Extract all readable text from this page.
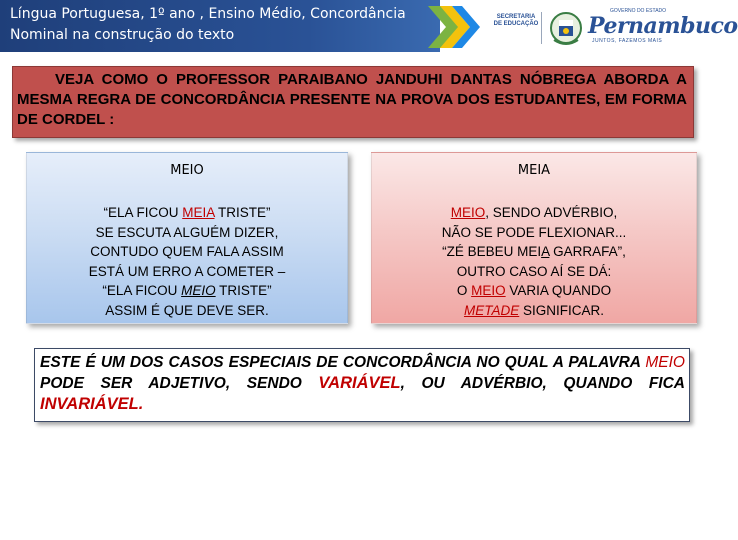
Língua Portuguesa, 1º ano , Ensino Médio, Concordância
Nominal na construção do texto
SECRETARIA DE EDUCAÇÃO
GOVERNO DO ESTADO
Pernambuco
JUNTOS, FAZEMOS MAIS
VEJA COMO O PROFESSOR PARAIBANO JANDUHI DANTAS NÓBREGA ABORDA A MESMA REGRA DE CONCORDÂNCIA PRESENTE NA PROVA DOS ESTUDANTES, EM FORMA DE CORDEL :
MEIO
“ELA FICOU MEIA TRISTE”
SE ESCUTA ALGUÉM DIZER,
CONTUDO QUEM FALA ASSIM
ESTÁ UM ERRO A COMETER –
“ELA FICOU MEIO TRISTE”
ASSIM É QUE DEVE SER.
MEIA
MEIO, SENDO ADVÉRBIO,
NÃO SE PODE FLEXIONAR...
“ZÉ BEBEU MEIA GARRAFA”,
OUTRO CASO AÍ SE DÁ:
O MEIO VARIA QUANDO
METADE SIGNIFICAR.
ESTE É UM DOS CASOS ESPECIAIS DE CONCORDÂNCIA NO QUAL A PALAVRA MEIO PODE SER ADJETIVO, SENDO VARIÁVEL, OU ADVÉRBIO, QUANDO FICA INVARIÁVEL.
